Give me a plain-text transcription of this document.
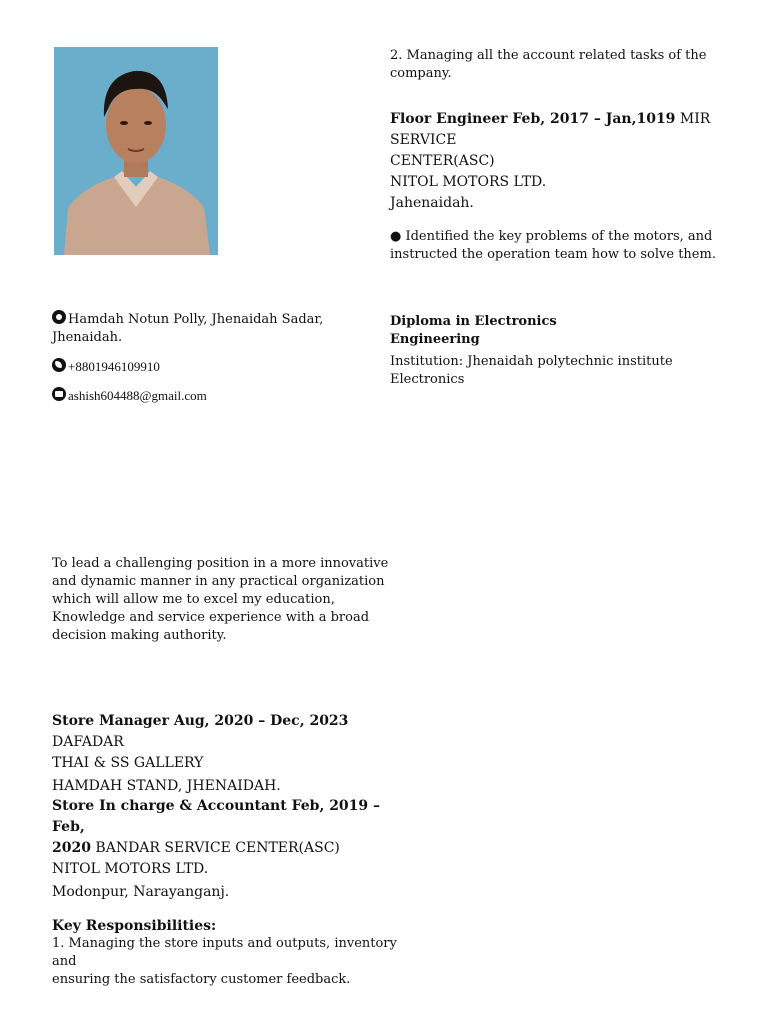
Hamdah Notun Polly, Jhenaidah Sadar, Jhenaidah.
+8801946109910
ashish604488@gmail.com
To lead a challenging position in a more innovative and dynamic manner in any practical organization which will allow me to excel my education, Knowledge and service experience with a broad decision making authority.
Store Manager Aug, 2020 – Dec, 2023 DAFADAR
THAI & SS GALLERY
HAMDAH STAND, JHENAIDAH.
Store In charge & Accountant Feb, 2019 – Feb,
2020 BANDAR SERVICE CENTER(ASC)
NITOL MOTORS LTD.
Modonpur, Narayanganj.
Key Responsibilities:
1. Managing the store inputs and outputs, inventory and
ensuring the satisfactory customer feedback.
2. Managing all the account related tasks of the
company.
Floor Engineer Feb, 2017 – Jan,1019 MIR SERVICE
CENTER(ASC)
NITOL MOTORS LTD.
Jahenaidah.
● Identified the key problems of the motors, and
instructed the operation team how to solve them.
Diploma in Electronics
Engineering
Institution: Jhenaidah polytechnic institute Electronics
